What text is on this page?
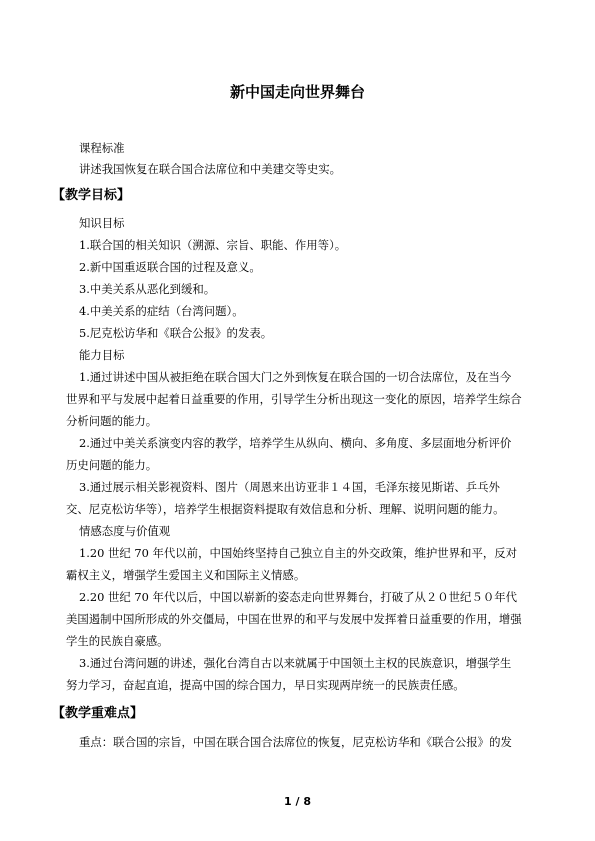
新中国走向世界舞台
课程标准
讲述我国恢复在联合国合法席位和中美建交等史实。
【教学目标】
知识目标
1.联合国的相关知识（溯源、宗旨、职能、作用等）。
2.新中国重返联合国的过程及意义。
3.中美关系从恶化到缓和。
4.中美关系的症结（台湾问题）。
5.尼克松访华和《联合公报》的发表。
能力目标
1.通过讲述中国从被拒绝在联合国大门之外到恢复在联合国的一切合法席位，及在当今
世界和平与发展中起着日益重要的作用，引导学生分析出现这一变化的原因，培养学生综合
分析问题的能力。
2.通过中美关系演变内容的教学，培养学生从纵向、横向、多角度、多层面地分析评价
历史问题的能力。
3.通过展示相关影视资料、图片（周恩来出访亚非１４国，毛泽东接见斯诺、乒乓外
交、尼克松访华等），培养学生根据资料提取有效信息和分析、理解、说明问题的能力。
情感态度与价值观
1.20 世纪 70 年代以前，中国始终坚持自己独立自主的外交政策，维护世界和平，反对
霸权主义，增强学生爱国主义和国际主义情感。
2.20 世纪 70 年代以后，中国以崭新的姿态走向世界舞台，打破了从２０世纪５０年代
美国遏制中国所形成的外交僵局，中国在世界的和平与发展中发挥着日益重要的作用，增强
学生的民族自豪感。
3.通过台湾问题的讲述，强化台湾自古以来就属于中国领土主权的民族意识，增强学生
努力学习，奋起直追，提高中国的综合国力，早日实现两岸统一的民族责任感。
【教学重难点】
重点：联合国的宗旨，中国在联合国合法席位的恢复，尼克松访华和《联合公报》的发
1 / 8
